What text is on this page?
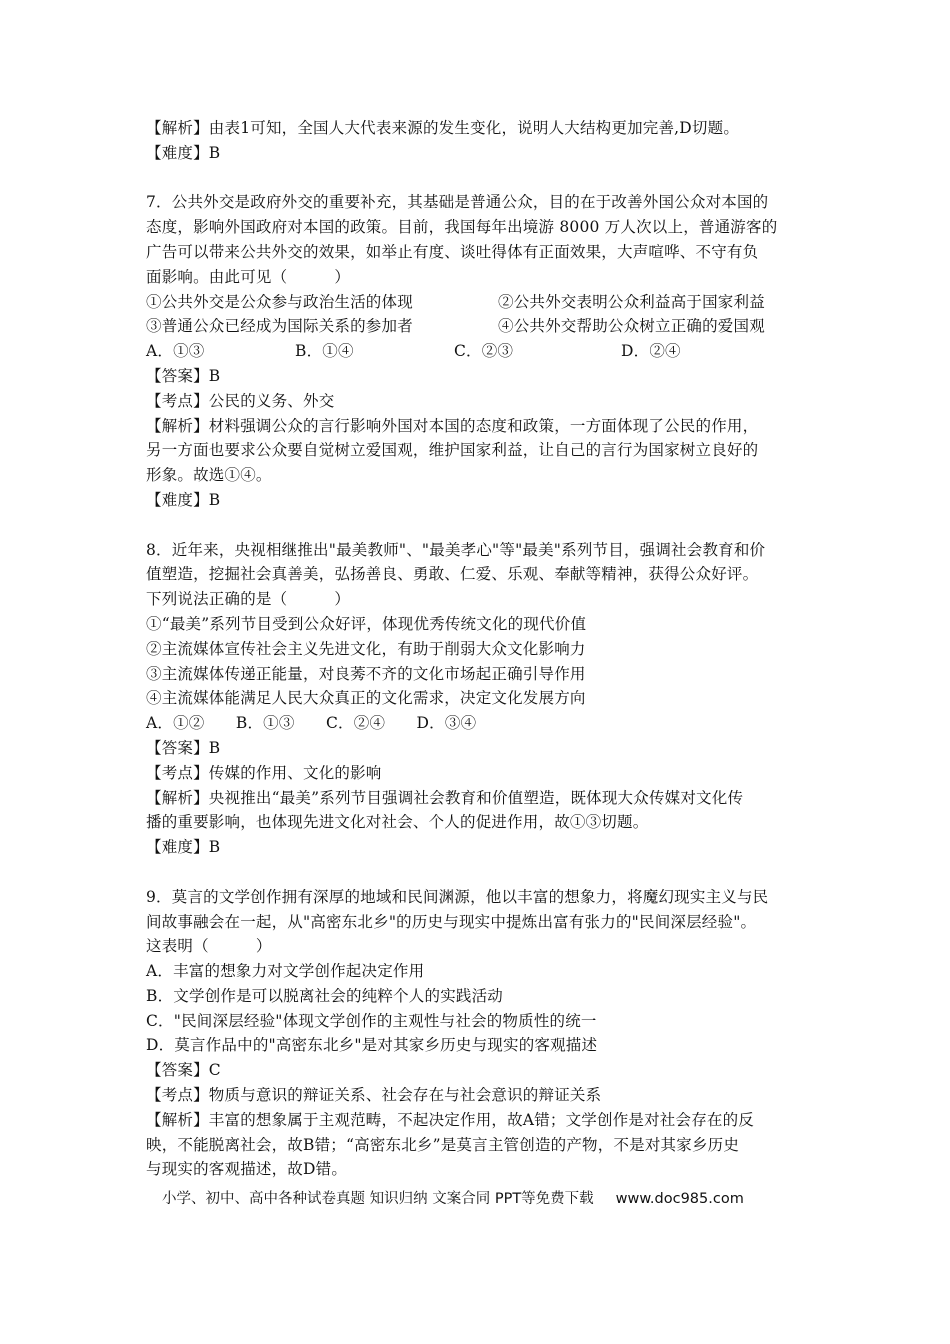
【解析】由表1可知，全国人大代表来源的发生变化，说明人大结构更加完善,D切题。
【难度】B
7．公共外交是政府外交的重要补充，其基础是普通公众，目的在于改善外国公众对本国的
态度，影响外国政府对本国的政策。目前，我国每年出境游 8000 万人次以上，普通游客的
广告可以带来公共外交的效果，如举止有度、谈吐得体有正面效果，大声喧哗、不守有负
面影响。由此可见（　　　）
①公共外交是公众参与政治生活的体现	②公共外交表明公众利益高于国家利益
③普通公众已经成为国际关系的参加者	④公共外交帮助公众树立正确的爱国观
A．①③	B．①④	C．②③	D．②④
【答案】B
【考点】公民的义务、外交
【解析】材料强调公众的言行影响外国对本国的态度和政策，一方面体现了公民的作用，
另一方面也要求公众要自觉树立爱国观，维护国家利益，让自己的言行为国家树立良好的
形象。故选①④。
【难度】B
8．近年来，央视相继推出"最美教师"、"最美孝心"等"最美"系列节目，强调社会教育和价
值塑造，挖掘社会真善美，弘扬善良、勇敢、仁爱、乐观、奉献等精神，获得公众好评。
下列说法正确的是（　　　）
①“最美”系列节目受到公众好评，体现优秀传统文化的现代价值
②主流媒体宣传社会主义先进文化，有助于削弱大众文化影响力
③主流媒体传递正能量，对良莠不齐的文化市场起正确引导作用
④主流媒体能满足人民大众真正的文化需求，决定文化发展方向
A．①②　　B．①③　　C．②④　　D．③④
【答案】B
【考点】传媒的作用、文化的影响
【解析】央视推出“最美”系列节目强调社会教育和价值塑造，既体现大众传媒对文化传
播的重要影响，也体现先进文化对社会、个人的促进作用，故①③切题。
【难度】B
9．莫言的文学创作拥有深厚的地域和民间渊源，他以丰富的想象力，将魔幻现实主义与民
间故事融会在一起，从"高密东北乡"的历史与现实中提炼出富有张力的"民间深层经验"。
这表明（　　　）
A．丰富的想象力对文学创作起决定作用
B．文学创作是可以脱离社会的纯粹个人的实践活动
C．"民间深层经验"体现文学创作的主观性与社会的物质性的统一
D．莫言作品中的"高密东北乡"是对其家乡历史与现实的客观描述
【答案】C
【考点】物质与意识的辩证关系、社会存在与社会意识的辩证关系
【解析】丰富的想象属于主观范畴，不起决定作用，故A错；文学创作是对社会存在的反
映，不能脱离社会，故B错；“高密东北乡”是莫言主管创造的产物，不是对其家乡历史
与现实的客观描述，故D错。
小学、初中、高中各种试卷真题 知识归纳 文案合同 PPT等免费下载 www.doc985.com
